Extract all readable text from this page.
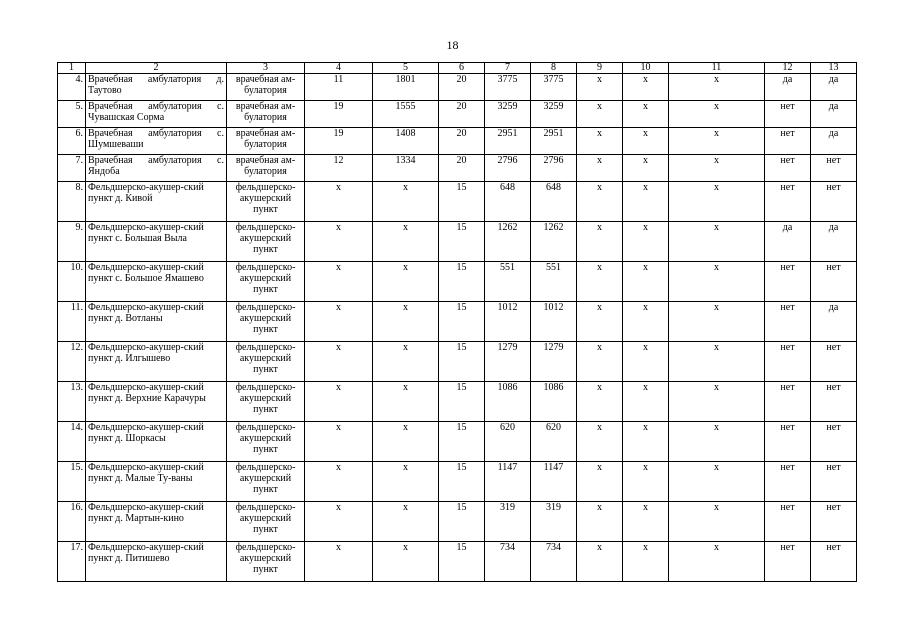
18
1	2	3	4	5	6	7	8	9	10	11	12	13
4.	Врачебная амбулатория д. Таутово	врачебная ам-булатория	11	1801	20	3775	3775	х	х	х	да	да
5.	Врачебная амбулатория с. Чувашская Сорма	врачебная ам-булатория	19	1555	20	3259	3259	х	х	х	нет	да
6.	Врачебная амбулатория с. Шумшеваши	врачебная ам-булатория	19	1408	20	2951	2951	х	х	х	нет	да
7.	Врачебная амбулатория с. Яндоба	врачебная ам-булатория	12	1334	20	2796	2796	х	х	х	нет	нет
8.	Фельдшерско-акушер-ский пункт д. Кивой	фельдшерско-акушерский пункт	х	х	15	648	648	х	х	х	нет	нет
9.	Фельдшерско-акушер-ский пункт с. Большая Выла	фельдшерско-акушерский пункт	х	х	15	1262	1262	х	х	х	да	да
10.	Фельдшерско-акушер-ский пункт с. Большое Ямашево	фельдшерско-акушерский пункт	х	х	15	551	551	х	х	х	нет	нет
11.	Фельдшерско-акушер-ский пункт д. Вотланы	фельдшерско-акушерский пункт	х	х	15	1012	1012	х	х	х	нет	да
12.	Фельдшерско-акушер-ский пункт д. Илгышево	фельдшерско-акушерский пункт	х	х	15	1279	1279	х	х	х	нет	нет
13.	Фельдшерско-акушер-ский пункт д. Верхние Карачуры	фельдшерско-акушерский пункт	х	х	15	1086	1086	х	х	х	нет	нет
14.	Фельдшерско-акушер-ский пункт д. Шоркасы	фельдшерско-акушерский пункт	х	х	15	620	620	х	х	х	нет	нет
15.	Фельдшерско-акушер-ский пункт д. Малые Ту-ваны	фельдшерско-акушерский пункт	х	х	15	1147	1147	х	х	х	нет	нет
16.	Фельдшерско-акушер-ский пункт д. Мартын-кино	фельдшерско-акушерский пункт	х	х	15	319	319	х	х	х	нет	нет
17.	Фельдшерско-акушер-ский пункт д. Питишево	фельдшерско-акушерский пункт	х	х	15	734	734	х	х	х	нет	нет
